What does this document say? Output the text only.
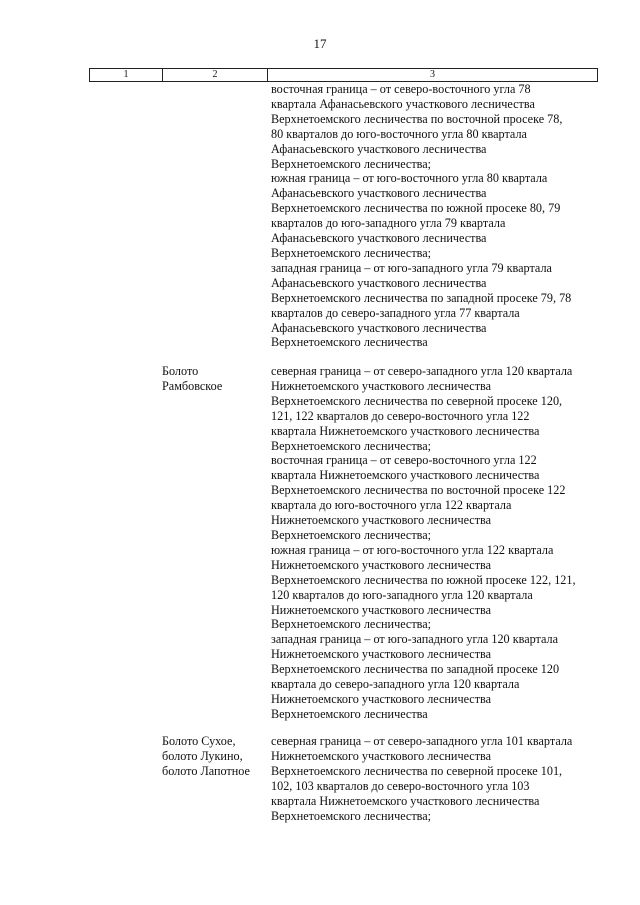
17
1	2	3
восточная граница – от северо-восточного угла 78
квартала Афанасьевского участкового лесничества
Верхнетоемского лесничества по восточной просеке 78,
80 кварталов до юго-восточного угла 80 квартала
Афанасьевского участкового лесничества
Верхнетоемского лесничества;
южная граница – от юго-восточного угла 80 квартала
Афанасьевского участкового лесничества
Верхнетоемского лесничества по южной просеке 80, 79
кварталов до юго-западного угла 79 квартала
Афанасьевского участкового лесничества
Верхнетоемского лесничества;
западная граница – от юго-западного угла 79 квартала
Афанасьевского участкового лесничества
Верхнетоемского лесничества по западной просеке 79, 78
кварталов до северо-западного угла 77 квартала
Афанасьевского участкового лесничества
Верхнетоемского лесничества
Болото
Рамбовское
северная граница – от северо-западного угла 120 квартала
Нижнетоемского участкового лесничества
Верхнетоемского лесничества по северной просеке 120,
121, 122 кварталов до северо-восточного угла 122
квартала Нижнетоемского участкового лесничества
Верхнетоемского лесничества;
восточная граница – от северо-восточного угла 122
квартала Нижнетоемского участкового лесничества
Верхнетоемского лесничества по восточной просеке 122
квартала до юго-восточного угла 122 квартала
Нижнетоемского участкового лесничества
Верхнетоемского лесничества;
южная граница – от юго-восточного угла 122 квартала
Нижнетоемского участкового лесничества
Верхнетоемского лесничества по южной просеке 122, 121,
120 кварталов до юго-западного угла 120 квартала
Нижнетоемского участкового лесничества
Верхнетоемского лесничества;
западная граница – от юго-западного угла 120 квартала
Нижнетоемского участкового лесничества
Верхнетоемского лесничества по западной просеке 120
квартала до северо-западного угла 120 квартала
Нижнетоемского участкового лесничества
Верхнетоемского лесничества
Болото Сухое,
болото Лукино,
болото Лапотное
северная граница – от северо-западного угла 101 квартала
Нижнетоемского участкового лесничества
Верхнетоемского лесничества по северной просеке 101,
102, 103 кварталов до северо-восточного угла 103
квартала Нижнетоемского участкового лесничества
Верхнетоемского лесничества;
